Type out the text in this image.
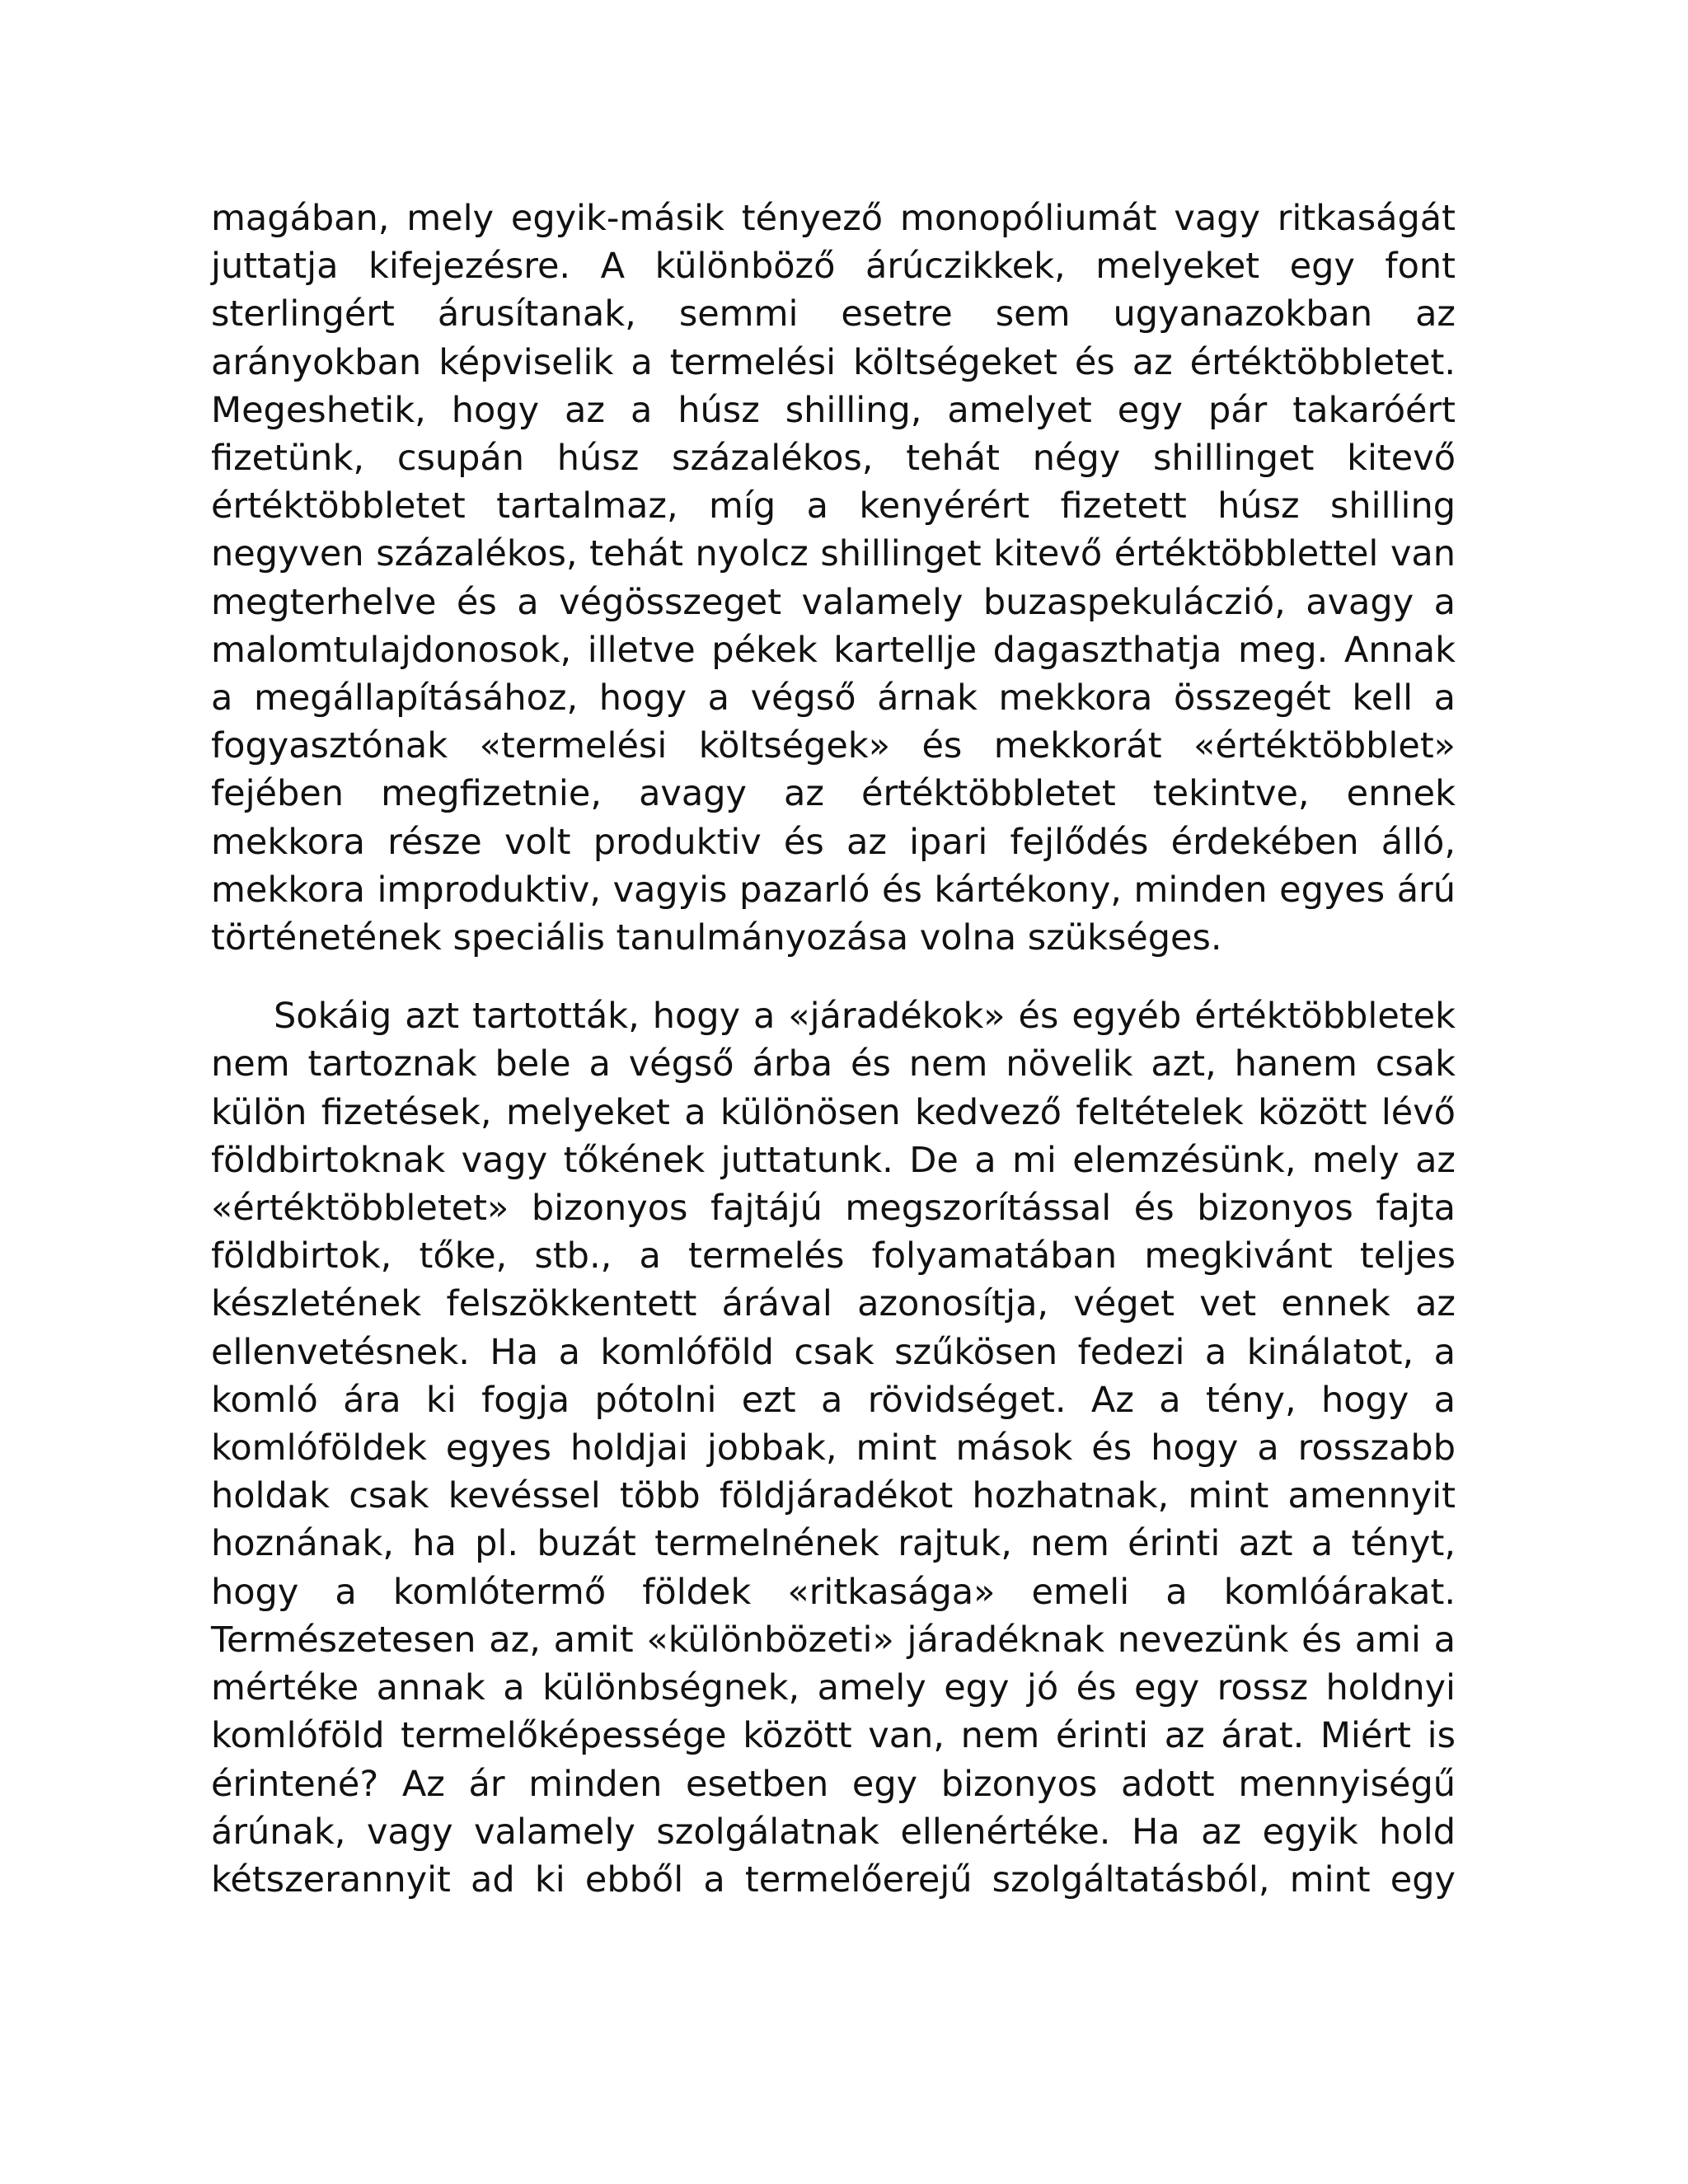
magában, mely egyik-másik tényező monopóliumát vagy ritkaságát
juttatja kifejezésre. A különböző árúczikkek, melyeket egy font
sterlingért árusítanak, semmi esetre sem ugyanazokban az
arányokban képviselik a termelési költségeket és az értéktöbbletet.
Megeshetik, hogy az a húsz shilling, amelyet egy pár takaróért
fizetünk, csupán húsz százalékos, tehát négy shillinget kitevő
értéktöbbletet tartalmaz, míg a kenyérért fizetett húsz shilling
negyven százalékos, tehát nyolcz shillinget kitevő értéktöbblettel van
megterhelve és a végösszeget valamely buzaspekuláczió, avagy a
malomtulajdonosok, illetve pékek kartellje dagaszthatja meg. Annak
a megállapításához, hogy a végső árnak mekkora összegét kell a
fogyasztónak «termelési költségek» és mekkorát «értéktöbblet»
fejében megfizetnie, avagy az értéktöbbletet tekintve, ennek
mekkora része volt produktiv és az ipari fejlődés érdekében álló,
mekkora improduktiv, vagyis pazarló és kártékony, minden egyes árú
történetének speciális tanulmányozása volna szükséges.

Sokáig azt tartották, hogy a «járadékok» és egyéb értéktöbbletek
nem tartoznak bele a végső árba és nem növelik azt, hanem csak
külön fizetések, melyeket a különösen kedvező feltételek között lévő
földbirtoknak vagy tőkének juttatunk. De a mi elemzésünk, mely az
«értéktöbbletet» bizonyos fajtájú megszorítással és bizonyos fajta
földbirtok, tőke, stb., a termelés folyamatában megkivánt teljes
készletének felszökkentett árával azonosítja, véget vet ennek az
ellenvetésnek. Ha a komlóföld csak szűkösen fedezi a kinálatot, a
komló ára ki fogja pótolni ezt a rövidséget. Az a tény, hogy a
komlóföldek egyes holdjai jobbak, mint mások és hogy a rosszabb
holdak csak kevéssel több földjáradékot hozhatnak, mint amennyit
hoznának, ha pl. buzát termelnének rajtuk, nem érinti azt a tényt,
hogy a komlótermő földek «ritkasága» emeli a komlóárakat.
Természetesen az, amit «különbözeti» járadéknak nevezünk és ami a
mértéke annak a különbségnek, amely egy jó és egy rossz holdnyi
komlóföld termelőképessége között van, nem érinti az árat. Miért is
érintené? Az ár minden esetben egy bizonyos adott mennyiségű
árúnak, vagy valamely szolgálatnak ellenértéke. Ha az egyik hold
kétszerannyit ad ki ebből a termelőerejű szolgáltatásból, mint egy
